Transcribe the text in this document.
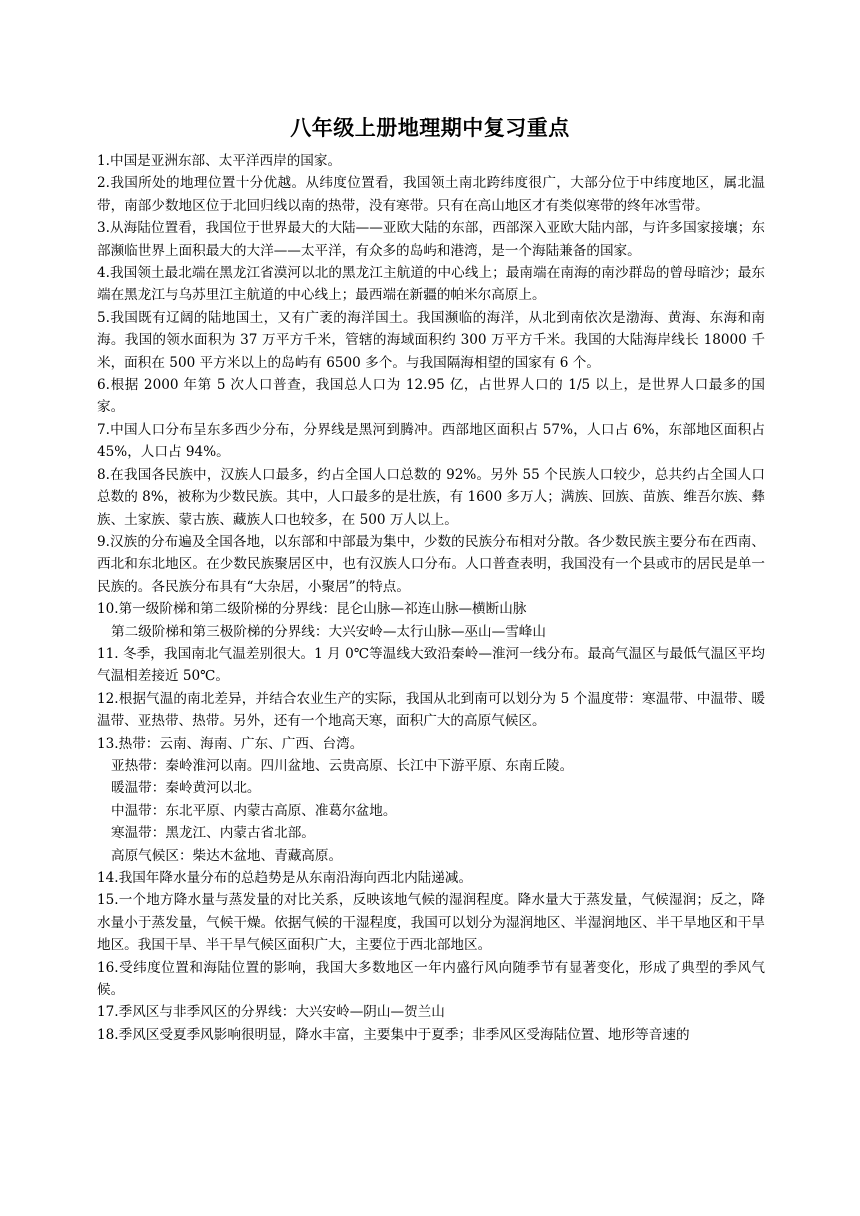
八年级上册地理期中复习重点

1.中国是亚洲东部、太平洋西岸的国家。

2.我国所处的地理位置十分优越。从纬度位置看，我国领土南北跨纬度很广，大部分位于中纬度地区，属北温带，南部少数地区位于北回归线以南的热带，没有寒带。只有在高山地区才有类似寒带的终年冰雪带。

3.从海陆位置看，我国位于世界最大的大陆——亚欧大陆的东部，西部深入亚欧大陆内部，与许多国家接壤；东部濒临世界上面积最大的大洋——太平洋，有众多的岛屿和港湾，是一个海陆兼备的国家。

4.我国领土最北端在黑龙江省漠河以北的黑龙江主航道的中心线上；最南端在南海的南沙群岛的曾母暗沙；最东端在黑龙江与乌苏里江主航道的中心线上；最西端在新疆的帕米尔高原上。

5.我国既有辽阔的陆地国土，又有广袤的海洋国土。我国濒临的海洋，从北到南依次是渤海、黄海、东海和南海。我国的领水面积为 37 万平方千米，管辖的海域面积约 300 万平方千米。我国的大陆海岸线长 18000 千米，面积在 500 平方米以上的岛屿有 6500 多个。与我国隔海相望的国家有 6 个。

6.根据 2000 年第 5 次人口普查，我国总人口为 12.95 亿，占世界人口的 1/5 以上，是世界人口最多的国家。

7.中国人口分布呈东多西少分布，分界线是黑河到腾冲。西部地区面积占 57%，人口占 6%，东部地区面积占 45%，人口占 94%。

8.在我国各民族中，汉族人口最多，约占全国人口总数的 92%。另外 55 个民族人口较少，总共约占全国人口总数的 8%，被称为少数民族。其中，人口最多的是壮族，有 1600 多万人；满族、回族、苗族、维吾尔族、彝族、土家族、蒙古族、藏族人口也较多，在 500 万人以上。

9.汉族的分布遍及全国各地，以东部和中部最为集中，少数的民族分布相对分散。各少数民族主要分布在西南、西北和东北地区。在少数民族聚居区中，也有汉族人口分布。人口普查表明，我国没有一个县或市的居民是单一民族的。各民族分布具有“大杂居，小聚居”的特点。

10.第一级阶梯和第二级阶梯的分界线：昆仑山脉—祁连山脉—横断山脉

第二级阶梯和第三极阶梯的分界线：大兴安岭—太行山脉—巫山—雪峰山

11. 冬季，我国南北气温差别很大。1 月 0℃等温线大致沿秦岭—淮河一线分布。最高气温区与最低气温区平均气温相差接近 50℃。

12.根据气温的南北差异，并结合农业生产的实际，我国从北到南可以划分为 5 个温度带：寒温带、中温带、暖温带、亚热带、热带。另外，还有一个地高天寒，面积广大的高原气候区。

13.热带：云南、海南、广东、广西、台湾。

亚热带：秦岭淮河以南。四川盆地、云贵高原、长江中下游平原、东南丘陵。

暖温带：秦岭黄河以北。

中温带：东北平原、内蒙古高原、准葛尔盆地。

寒温带：黑龙江、内蒙古省北部。

高原气候区：柴达木盆地、青藏高原。

14.我国年降水量分布的总趋势是从东南沿海向西北内陆递减。

15.一个地方降水量与蒸发量的对比关系，反映该地气候的湿润程度。降水量大于蒸发量，气候湿润；反之，降水量小于蒸发量，气候干燥。依据气候的干湿程度，我国可以划分为湿润地区、半湿润地区、半干旱地区和干旱地区。我国干旱、半干旱气候区面积广大，主要位于西北部地区。

16.受纬度位置和海陆位置的影响，我国大多数地区一年内盛行风向随季节有显著变化，形成了典型的季风气候。

17.季风区与非季风区的分界线：大兴安岭—阴山—贺兰山

18.季风区受夏季风影响很明显，降水丰富，主要集中于夏季；非季风区受海陆位置、地形等音速的
